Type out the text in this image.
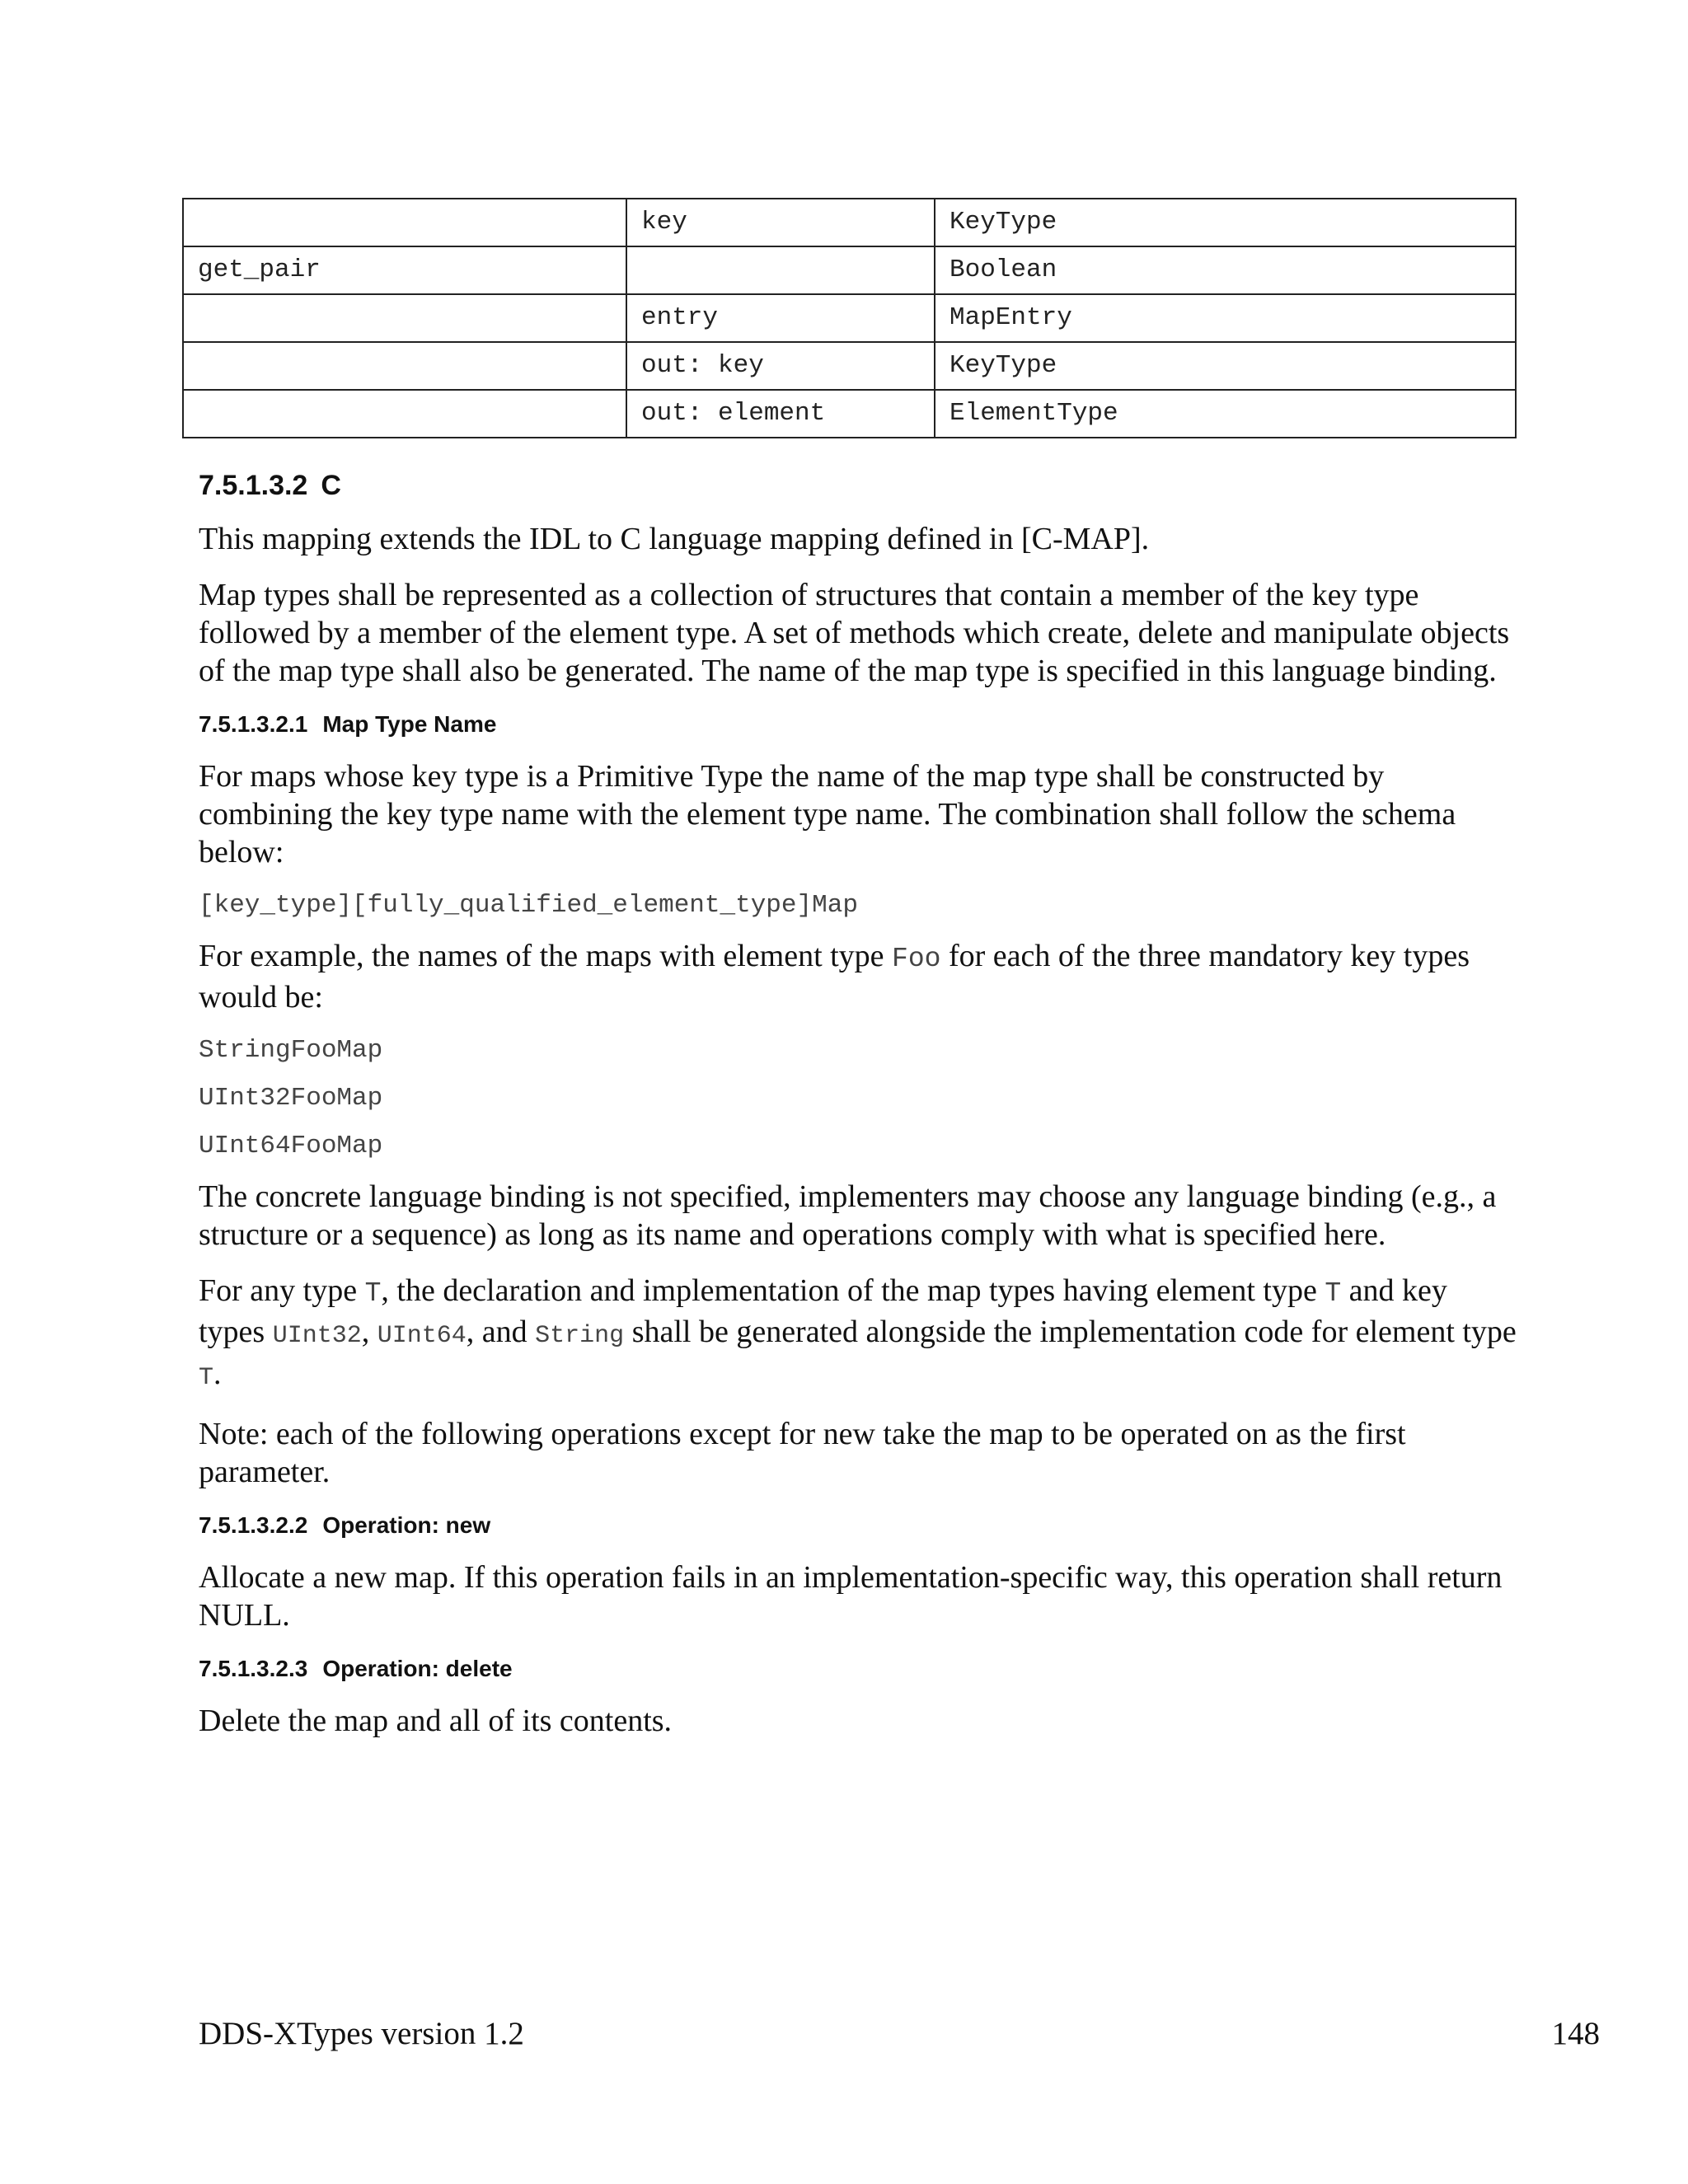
	key	KeyType
get_pair		Boolean
	entry	MapEntry
	out: key	KeyType
	out: element	ElementType
7.5.1.3.2 C

This mapping extends the IDL to C language mapping defined in [C-MAP].

Map types shall be represented as a collection of structures that contain a member of the key type followed by a member of the element type. A set of methods which create, delete and manipulate objects of the map type shall also be generated. The name of the map type is specified in this language binding.

7.5.1.3.2.1 Map Type Name

For maps whose key type is a Primitive Type the name of the map type shall be constructed by combining the key type name with the element type name. The combination shall follow the schema below:

[key_type][fully_qualified_element_type]Map

For example, the names of the maps with element type Foo for each of the three mandatory key types would be:

StringFooMap
UInt32FooMap
UInt64FooMap

The concrete language binding is not specified, implementers may choose any language binding (e.g., a structure or a sequence) as long as its name and operations comply with what is specified here.

For any type T, the declaration and implementation of the map types having element type T and key types UInt32, UInt64, and String shall be generated alongside the implementation code for element type T.

Note: each of the following operations except for new take the map to be operated on as the first parameter.

7.5.1.3.2.2 Operation: new

Allocate a new map. If this operation fails in an implementation-specific way, this operation shall return NULL.

7.5.1.3.2.3 Operation: delete

Delete the map and all of its contents.

DDS-XTypes version 1.2	148
